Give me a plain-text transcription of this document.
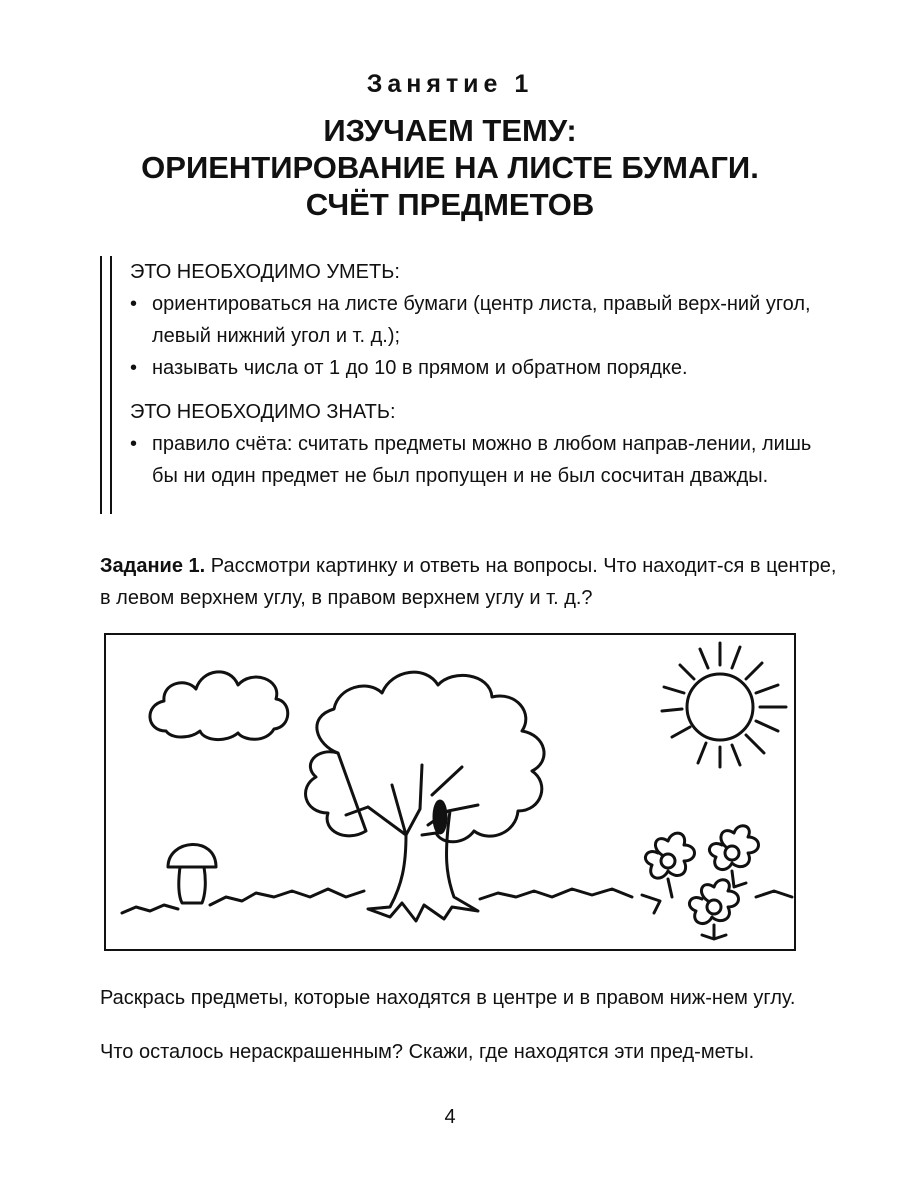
Занятие 1
ИЗУЧАЕМ ТЕМУ:
ОРИЕНТИРОВАНИЕ НА ЛИСТЕ БУМАГИ.
СЧЁТ ПРЕДМЕТОВ

ЭТО НЕОБХОДИМО УМЕТЬ:

• ориентироваться на листе бумаги (центр листа, правый верх-ний угол, левый нижний угол и т. д.);
• называть числа от 1 до 10 в прямом и обратном порядке.

ЭТО НЕОБХОДИМО ЗНАТЬ:

• правило счёта: считать предметы можно в любом направ-лении, лишь бы ни один предмет не был пропущен и не был сосчитан дважды.
Задание 1. Рассмотри картинку и ответь на вопросы. Что находит-ся в центре, в левом верхнем углу, в правом верхнем углу и т. д.?
Раскрась предметы, которые находятся в центре и в правом ниж-нем углу.
Что осталось нераскрашенным? Скажи, где находятся эти пред-меты.
4
